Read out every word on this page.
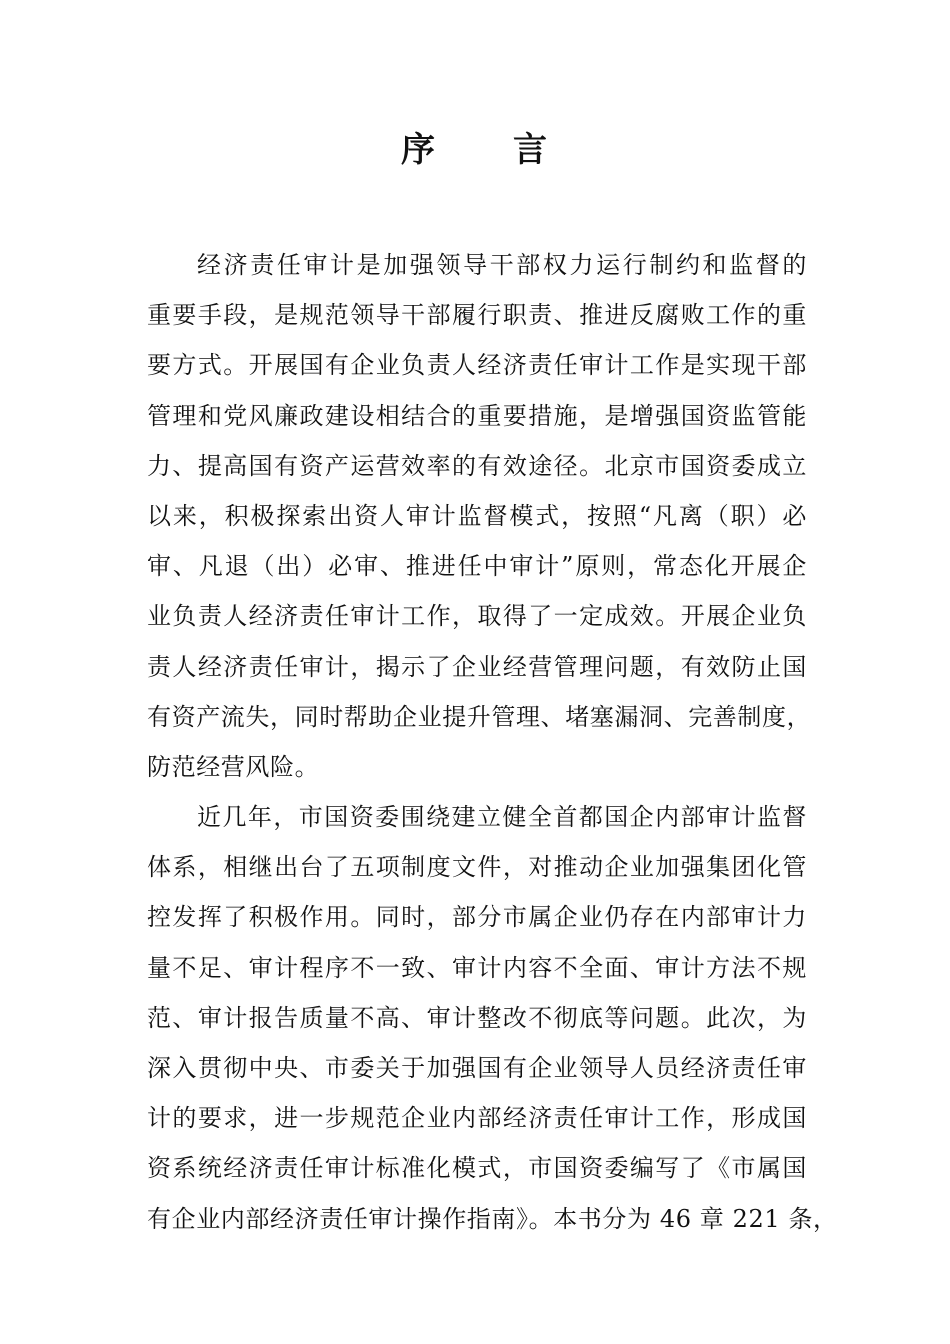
序 言
经济责任审计是加强领导干部权力运行制约和监督的
重要手段，是规范领导干部履行职责、推进反腐败工作的重
要方式。开展国有企业负责人经济责任审计工作是实现干部
管理和党风廉政建设相结合的重要措施，是增强国资监管能
力、提高国有资产运营效率的有效途径。北京市国资委成立
以来，积极探索出资人审计监督模式，按照“凡离（职）必
审、凡退（出）必审、推进任中审计”原则，常态化开展企
业负责人经济责任审计工作，取得了一定成效。开展企业负
责人经济责任审计，揭示了企业经营管理问题，有效防止国
有资产流失，同时帮助企业提升管理、堵塞漏洞、完善制度，
防范经营风险。
近几年，市国资委围绕建立健全首都国企内部审计监督
体系，相继出台了五项制度文件，对推动企业加强集团化管
控发挥了积极作用。同时，部分市属企业仍存在内部审计力
量不足、审计程序不一致、审计内容不全面、审计方法不规
范、审计报告质量不高、审计整改不彻底等问题。此次，为
深入贯彻中央、市委关于加强国有企业领导人员经济责任审
计的要求，进一步规范企业内部经济责任审计工作，形成国
资系统经济责任审计标准化模式，市国资委编写了《市属国
有企业内部经济责任审计操作指南》。本书分为 46 章 221 条，
